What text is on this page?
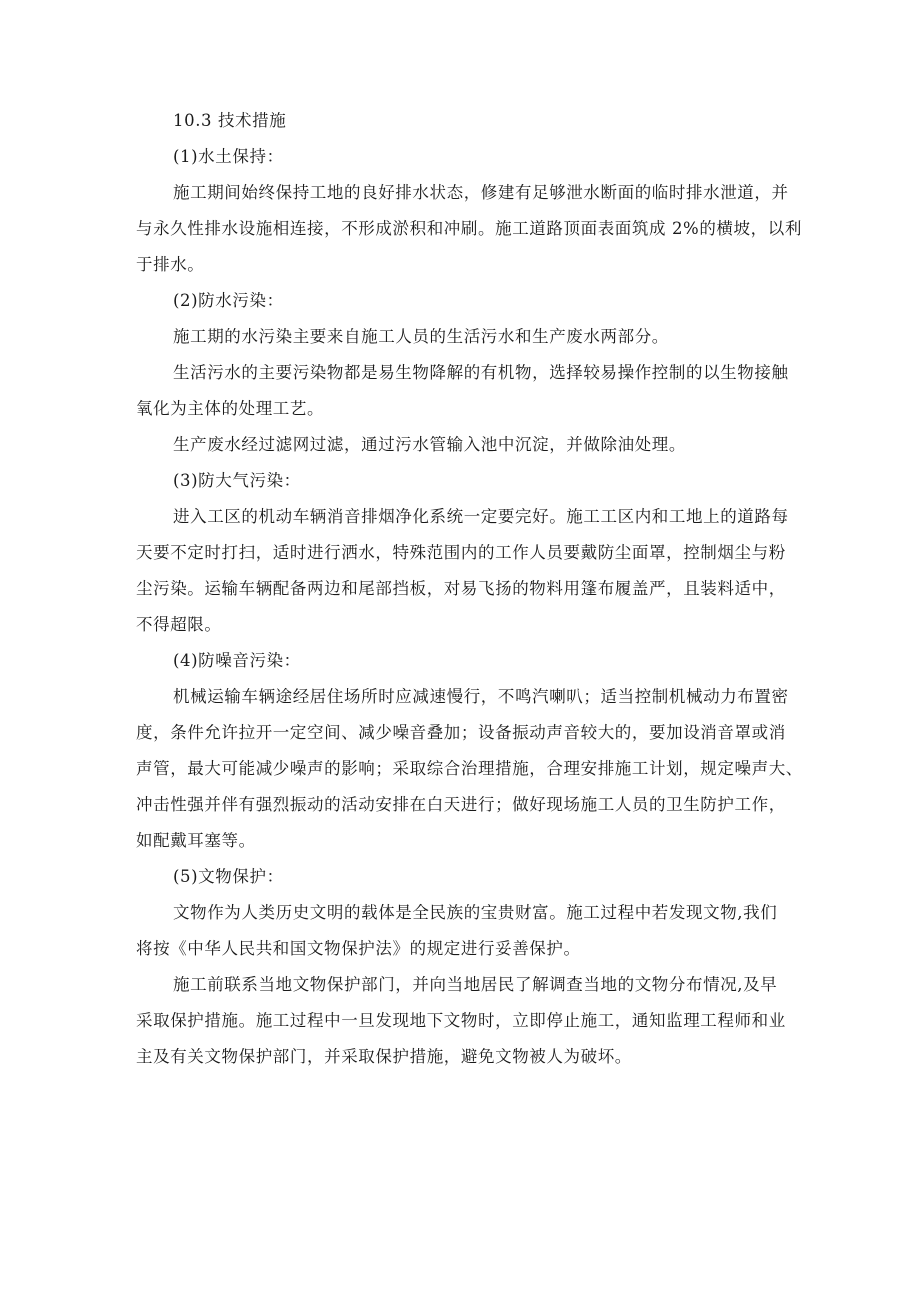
10.3 技术措施
(1)水土保持：
施工期间始终保持工地的良好排水状态，修建有足够泄水断面的临时排水泄道，并
与永久性排水设施相连接，不形成淤积和冲刷。施工道路顶面表面筑成 2%的横坡，以利
于排水。
(2)防水污染：
施工期的水污染主要来自施工人员的生活污水和生产废水两部分。
生活污水的主要污染物都是易生物降解的有机物，选择较易操作控制的以生物接触
氧化为主体的处理工艺。
生产废水经过滤网过滤，通过污水管输入池中沉淀，并做除油处理。
(3)防大气污染：
进入工区的机动车辆消音排烟净化系统一定要完好。施工工区内和工地上的道路每
天要不定时打扫，适时进行洒水，特殊范围内的工作人员要戴防尘面罩，控制烟尘与粉
尘污染。运输车辆配备两边和尾部挡板，对易飞扬的物料用篷布履盖严，且装料适中，
不得超限。
(4)防噪音污染：
机械运输车辆途经居住场所时应减速慢行，不鸣汽喇叭；适当控制机械动力布置密
度，条件允许拉开一定空间、减少噪音叠加；设备振动声音较大的，要加设消音罩或消
声管，最大可能减少噪声的影响；采取综合治理措施，合理安排施工计划，规定噪声大、
冲击性强并伴有强烈振动的活动安排在白天进行；做好现场施工人员的卫生防护工作，
如配戴耳塞等。
(5)文物保护：
文物作为人类历史文明的载体是全民族的宝贵财富。施工过程中若发现文物,我们
将按《中华人民共和国文物保护法》的规定进行妥善保护。
施工前联系当地文物保护部门，并向当地居民了解调查当地的文物分布情况,及早
采取保护措施。施工过程中一旦发现地下文物时，立即停止施工，通知监理工程师和业
主及有关文物保护部门，并采取保护措施，避免文物被人为破坏。
